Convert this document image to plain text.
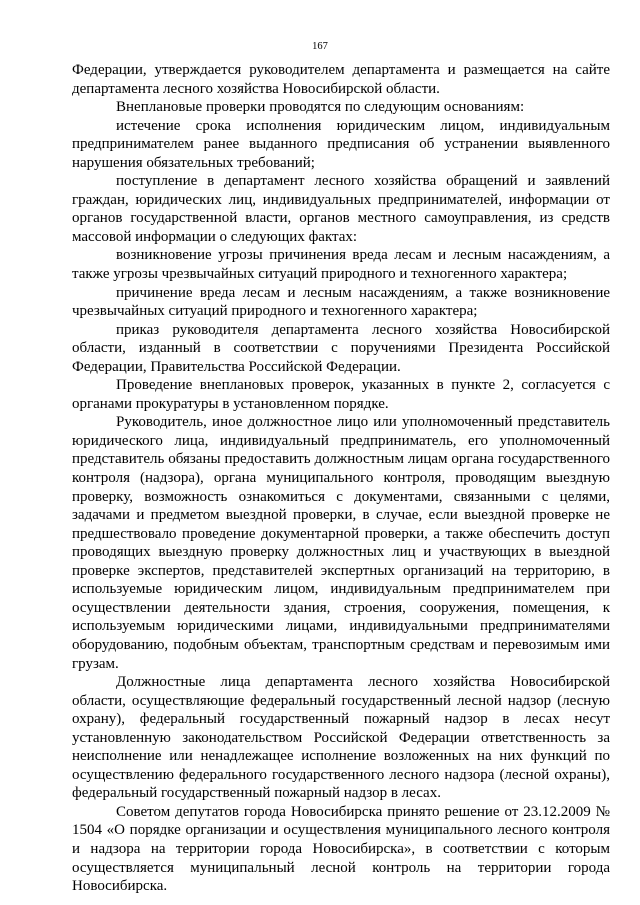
167

Федерации, утверждается руководителем департамента и размещается на сайте департамента лесного хозяйства Новосибирской области.

Внеплановые проверки проводятся по следующим основаниям:

истечение срока исполнения юридическим лицом, индивидуальным предпринимателем ранее выданного предписания об устранении выявленного нарушения обязательных требований;

поступление в департамент лесного хозяйства обращений и заявлений граждан, юридических лиц, индивидуальных предпринимателей, информации от органов государственной власти, органов местного самоуправления, из средств массовой информации о следующих фактах:

возникновение угрозы причинения вреда лесам и лесным насаждениям, а также угрозы чрезвычайных ситуаций природного и техногенного характера;

причинение вреда лесам и лесным насаждениям, а также возникновение чрезвычайных ситуаций природного и техногенного характера;

приказ руководителя департамента лесного хозяйства Новосибирской области, изданный в соответствии с поручениями Президента Российской Федерации, Правительства Российской Федерации.

Проведение внеплановых проверок, указанных в пункте 2, согласуется с органами прокуратуры в установленном порядке.

Руководитель, иное должностное лицо или уполномоченный представитель юридического лица, индивидуальный предприниматель, его уполномоченный представитель обязаны предоставить должностным лицам органа государственного контроля (надзора), органа муниципального контроля, проводящим выездную проверку, возможность ознакомиться с документами, связанными с целями, задачами и предметом выездной проверки, в случае, если выездной проверке не предшествовало проведение документарной проверки, а также обеспечить доступ проводящих выездную проверку должностных лиц и участвующих в выездной проверке экспертов, представителей экспертных организаций на территорию, в используемые юридическим лицом, индивидуальным предпринимателем при осуществлении деятельности здания, строения, сооружения, помещения, к используемым юридическими лицами, индивидуальными предпринимателями оборудованию, подобным объектам, транспортным средствам и перевозимым ими грузам.

Должностные лица департамента лесного хозяйства Новосибирской области, осуществляющие федеральный государственный лесной надзор (лесную охрану), федеральный государственный пожарный надзор в лесах несут установленную законодательством Российской Федерации ответственность за неисполнение или ненадлежащее исполнение возложенных на них функций по осуществлению федерального государственного лесного надзора (лесной охраны), федеральный государственный пожарный надзор в лесах.

Советом депутатов города Новосибирска принято решение от 23.12.2009 № 1504 «О порядке организации и осуществления муниципального лесного контроля и надзора на территории города Новосибирска», в соответствии с которым осуществляется муниципальный лесной контроль на территории города Новосибирска.
